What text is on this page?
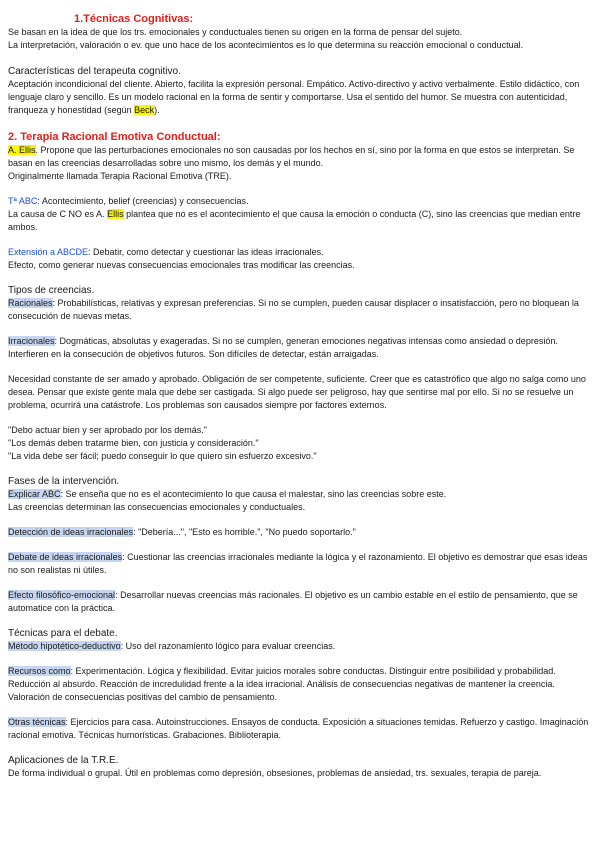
1.Técnicas Cognitivas:

Se basan en la idea de que los trs. emocionales y conductuales tienen su origen en la forma de pensar del sujeto.

La interpretación, valoración o ev. que uno hace de los acontecimientos es lo que determina su reacción emocional o conductual.

Características del terapeuta cognitivo.

Aceptación incondicional del cliente. Abierto, facilita la expresión personal. Empático. Activo-directivo y activo verbalmente. Estilo didáctico, con lenguaje claro y sencillo. Es un modelo racional en la forma de sentir y comportarse. Usa el sentido del humor. Se muestra con autenticidad, franqueza y honestidad (según Beck).

2. Terapia Racional Emotiva Conductual:

A. Ellis. Propone que las perturbaciones emocionales no son causadas por los hechos en sí, sino por la forma en que estos se interpretan. Se basan en las creencias desarrolladas sobre uno mismo, los demás y el mundo.

Originalmente llamada Terapia Racional Emotiva (TRE).

Tª ABC: Acontecimiento, belief (creencias) y consecuencias.

La causa de C NO es A. Ellis plantea que no es el acontecimiento el que causa la emoción o conducta (C), sino las creencias que median entre ambos.

Extensión a ABCDE: Debatir, como detectar y cuestionar las ideas irracionales.

Efecto, como generar nuevas consecuencias emocionales tras modificar las creencias.

Tipos de creencias.

Racionales: Probabilísticas, relativas y expresan preferencias. Si no se cumplen, pueden causar displacer o insatisfacción, pero no bloquean la consecución de nuevas metas.

Irracionales: Dogmáticas, absolutas y exageradas. Si no se cumplen, generan emociones negativas intensas como ansiedad o depresión. Interfieren en la consecución de objetivos futuros. Son difíciles de detectar, están arraigadas.

Necesidad constante de ser amado y aprobado. Obligación de ser competente, suficiente. Creer que es catastrófico que algo no salga como uno desea. Pensar que existe gente mala que debe ser castigada. Si algo puede ser peligroso, hay que sentirse mal por ello. Si no se resuelve un problema, ocurrirá una catástrofe. Los problemas son causados siempre por factores externos.

"Debo actuar bien y ser aprobado por los demás."

"Los demás deben tratarme bien, con justicia y consideración."

"La vida debe ser fácil; puedo conseguir lo que quiero sin esfuerzo excesivo."

Fases de la intervención.

Explicar ABC: Se enseña que no es el acontecimiento lo que causa el malestar, sino las creencias sobre este.

Las creencias determinan las consecuencias emocionales y conductuales.

Detección de ideas irracionales: "Debería...", "Esto es horrible.", "No puedo soportarlo."

Debate de ideas irracionales: Cuestionar las creencias irracionales mediante la lógica y el razonamiento. El objetivo es demostrar que esas ideas no son realistas ni útiles.

Efecto filosófico-emocional: Desarrollar nuevas creencias más racionales. El objetivo es un cambio estable en el estilo de pensamiento, que se automatice con la práctica.

Técnicas para el debate.

Método hipotético-deductivo: Uso del razonamiento lógico para evaluar creencias.

Recursos como: Experimentación. Lógica y flexibilidad. Evitar juicios morales sobre conductas. Distinguir entre posibilidad y probabilidad. Reducción al absurdo. Reacción de incredulidad frente a la idea irracional. Análisis de consecuencias negativas de mantener la creencia. Valoración de consecuencias positivas del cambio de pensamiento.

Otras técnicas: Ejercicios para casa. Autoinstrucciones. Ensayos de conducta. Exposición a situaciones temidas. Refuerzo y castigo. Imaginación racional emotiva. Técnicas humorísticas. Grabaciones. Biblioterapia.

Aplicaciones de la T.R.E.

De forma individual o grupal. Útil en problemas como depresión, obsesiones, problemas de ansiedad, trs. sexuales, terapia de pareja.
